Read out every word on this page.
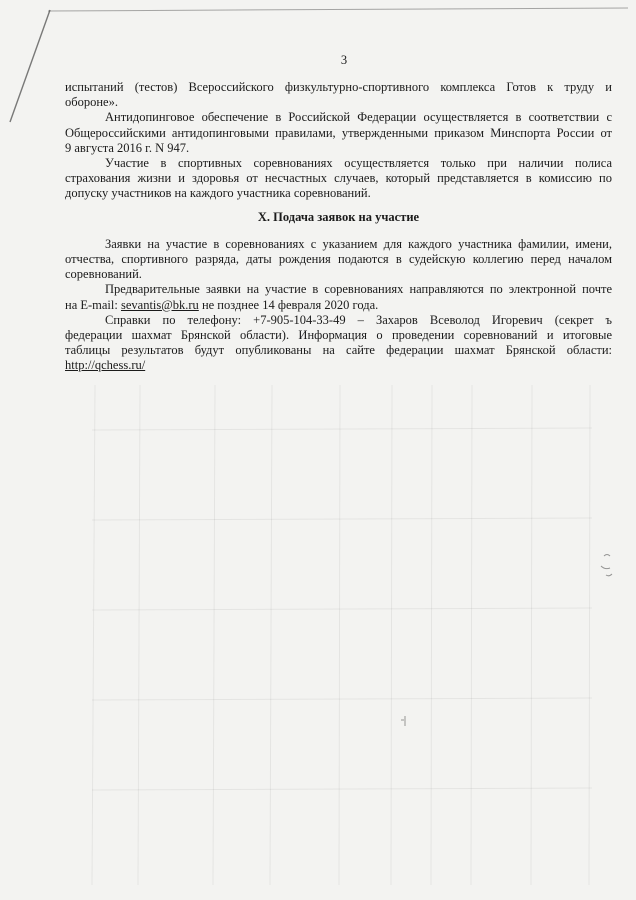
3
испытаний (тестов) Всероссийского физкультурно-спортивного комплекса Готов к труду и
обороне».
Антидопинговое обеспечение в Российской Федерации осуществляется в соответствии с
Общероссийскими антидопинговыми правилами, утвержденными приказом Минспорта России от
9 августа 2016 г. N 947.
Участие в спортивных соревнованиях осуществляется только при наличии полиса
страхования жизни и здоровья от несчастных случаев, который представляется в комиссию по
допуску участников на каждого участника соревнований.
X. Подача заявок на участие
Заявки на участие в соревнованиях с указанием для каждого участника фамилии, имени,
отчества, спортивного разряда, даты рождения подаются в судейскую коллегию перед началом
соревнований.
Предварительные заявки на участие в соревнованиях направляются по электронной почте
на E-mail: sevantis@bk.ru не позднее 14 февраля 2020 года.
Справки по телефону: +7-905-104-33-49 – Захаров Всеволод Игоревич (секрет ъ
федерации шахмат Брянской области). Информация о проведении соревнований и итоговые
таблицы результатов будут опубликованы на сайте федерации шахмат Брянской области:
http://qchess.ru/
